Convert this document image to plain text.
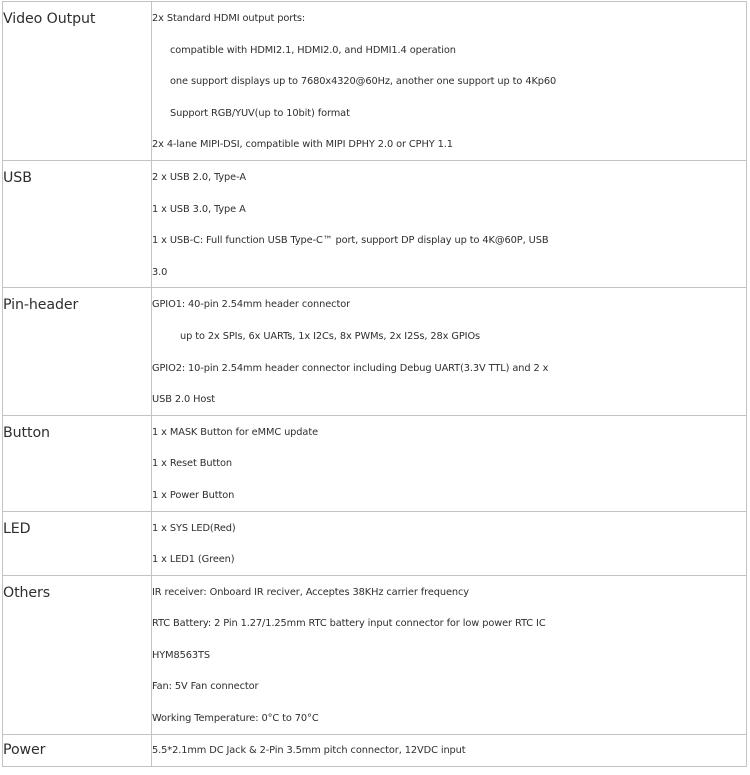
Video Output	2x Standard HDMI output ports:
compatible with HDMI2.1, HDMI2.0, and HDMI1.4 operation
one support displays up to 7680x4320@60Hz, another one support up to 4Kp60
Support RGB/YUV(up to 10bit) format
2x 4-lane MIPI-DSI, compatible with MIPI DPHY 2.0 or CPHY 1.1

USB	2 x USB 2.0, Type-A
1 x USB 3.0, Type A
1 x USB-C: Full function USB Type-C™ port, support DP display up to 4K@60P, USB
3.0

Pin-header	GPIO1: 40-pin 2.54mm header connector
up to 2x SPIs, 6x UARTs, 1x I2Cs, 8x PWMs, 2x I2Ss, 28x GPIOs
GPIO2: 10-pin 2.54mm header connector including Debug UART(3.3V TTL) and 2 x
USB 2.0 Host

Button	1 x MASK Button for eMMC update
1 x Reset Button
1 x Power Button

LED	1 x SYS LED(Red)
1 x LED1 (Green)

Others	IR receiver: Onboard IR reciver, Acceptes 38KHz carrier frequency
RTC Battery: 2 Pin 1.27/1.25mm RTC battery input connector for low power RTC IC
HYM8563TS
Fan: 5V Fan connector
Working Temperature: 0°C to 70°C

Power	5.5*2.1mm DC Jack & 2-Pin 3.5mm pitch connector, 12VDC input
